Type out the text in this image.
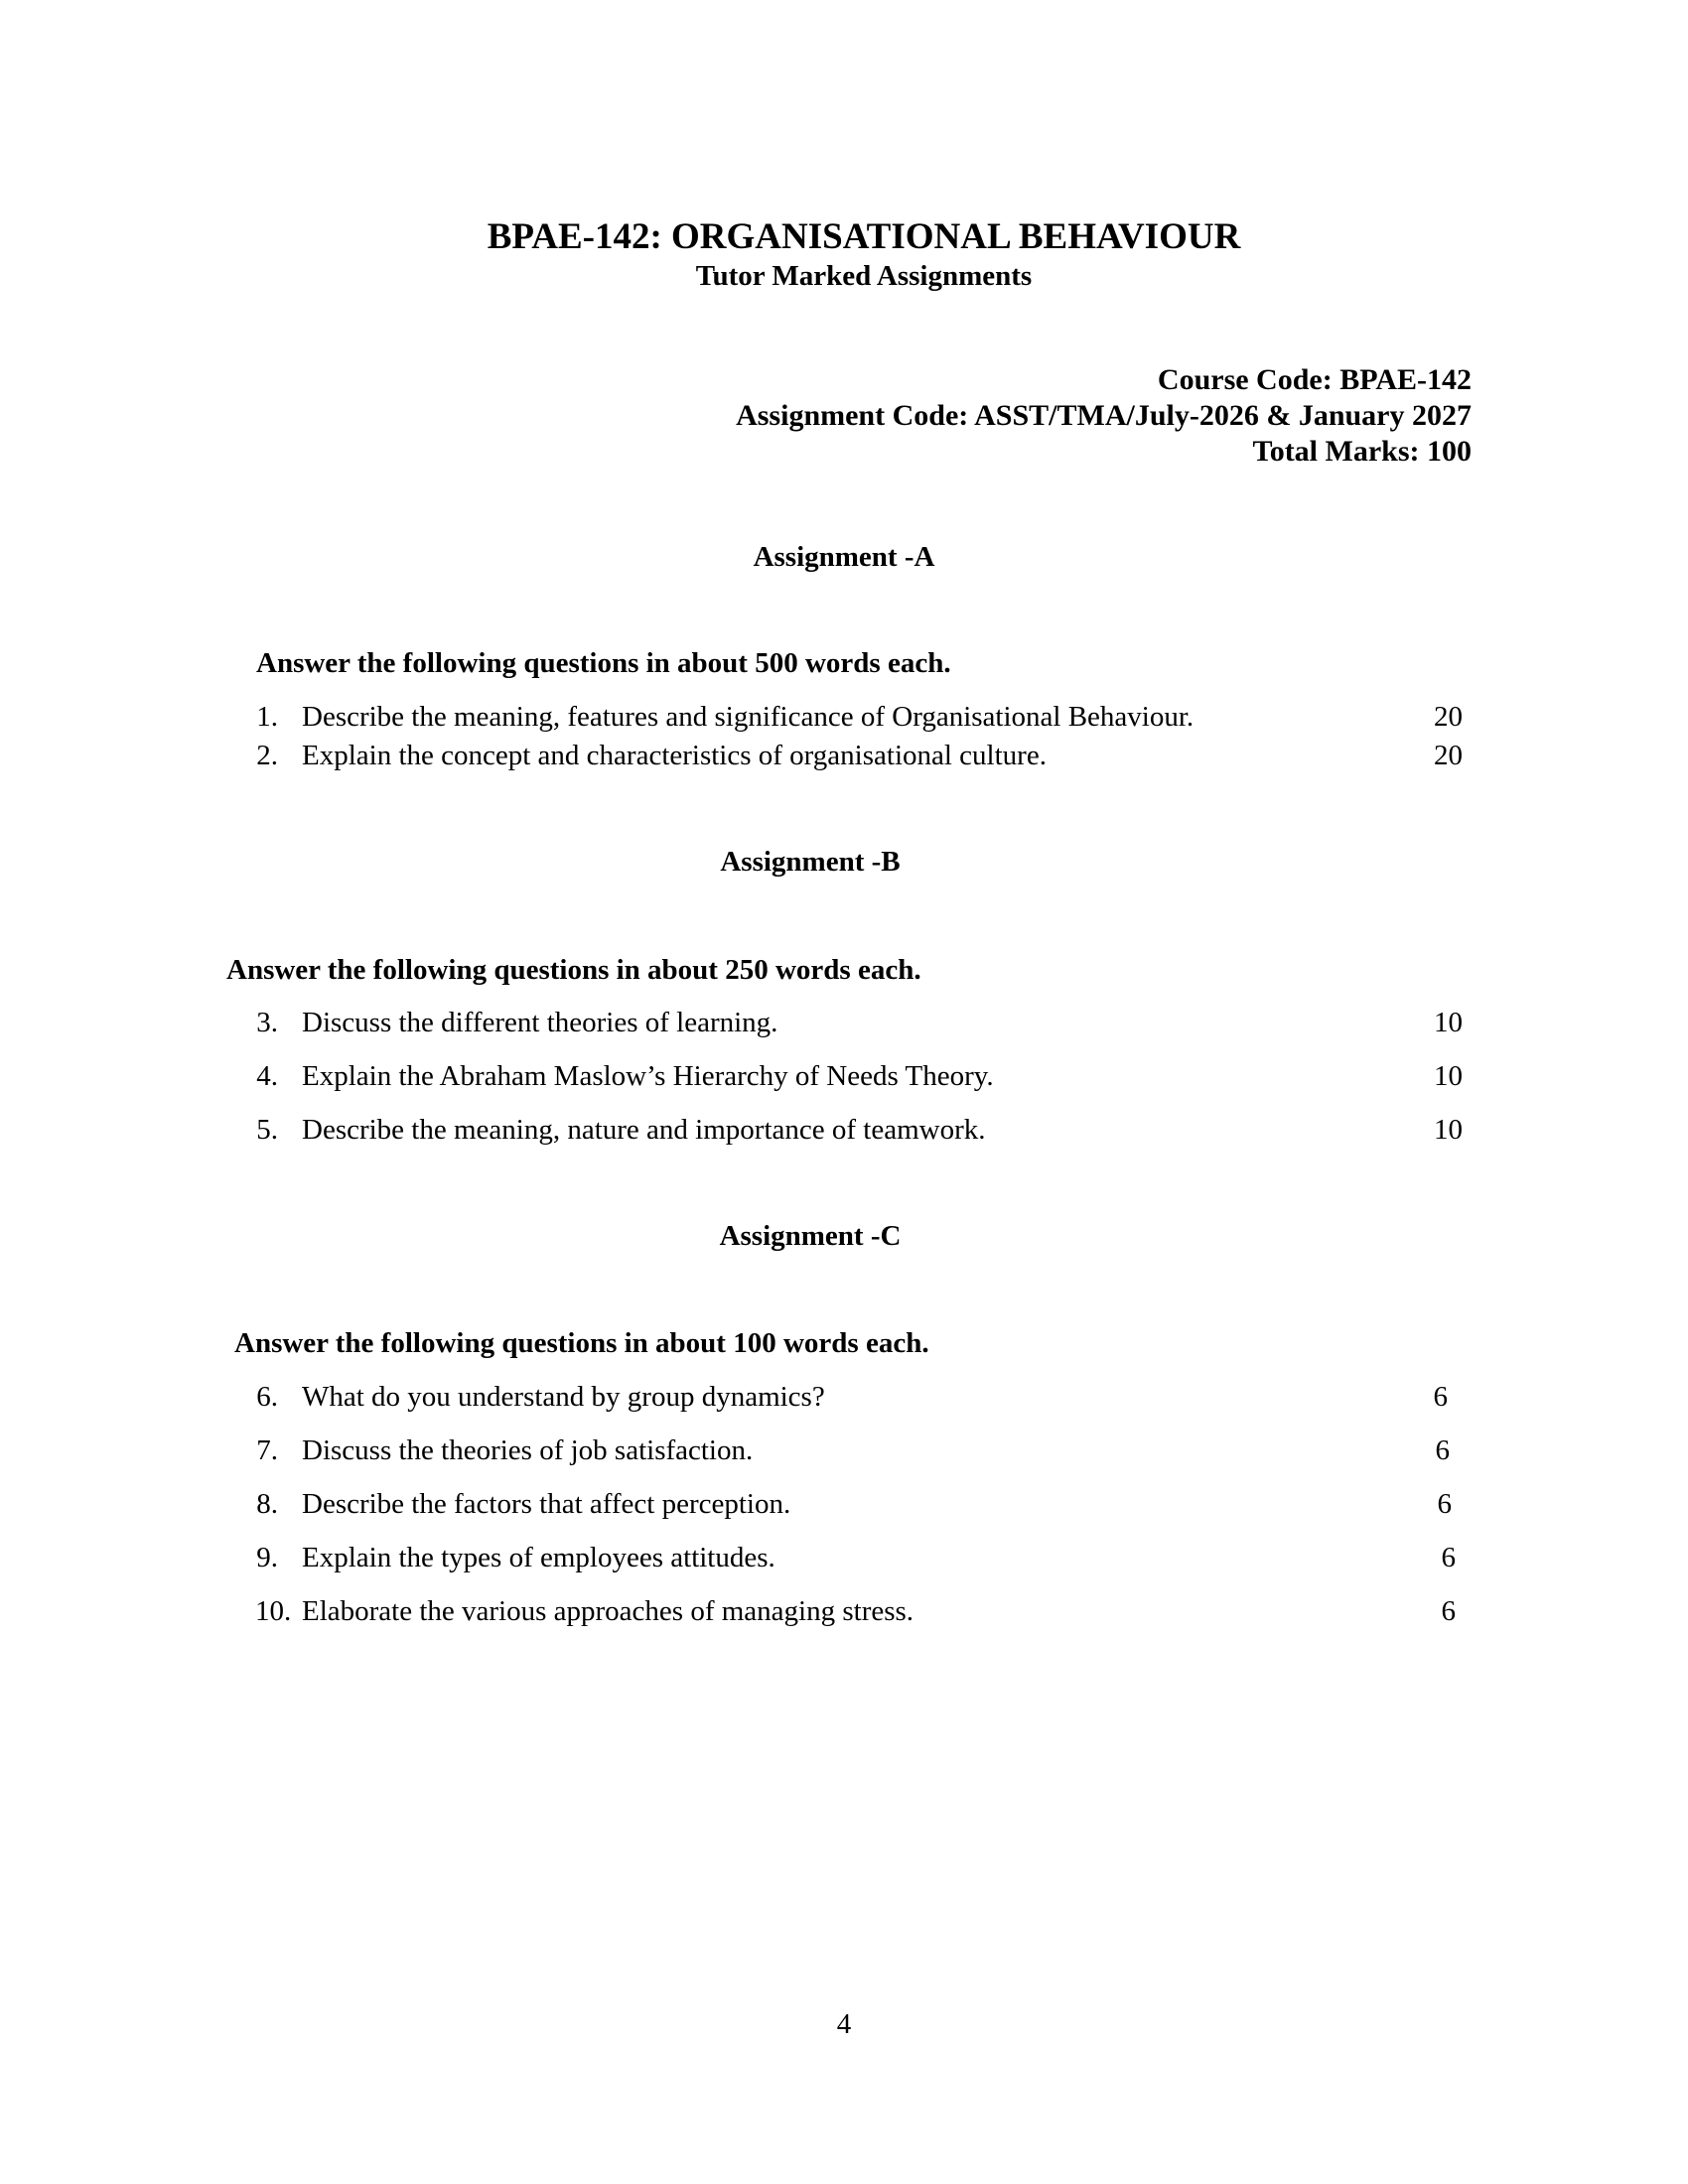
BPAE-142: ORGANISATIONAL BEHAVIOUR
Tutor Marked Assignments
Course Code: BPAE-142
Assignment Code: ASST/TMA/July-2026 & January 2027
Total Marks: 100
Assignment -A
Answer the following questions in about 500 words each.
1. Describe the meaning, features and significance of Organisational Behaviour.	20
2. Explain the concept and characteristics of organisational culture.	20
Assignment -B
Answer the following questions in about 250 words each.
3. Discuss the different theories of learning.	10
4. Explain the Abraham Maslow’s Hierarchy of Needs Theory.	10
5. Describe the meaning, nature and importance of teamwork.	10
Assignment -C
Answer the following questions in about 100 words each.
6. What do you understand by group dynamics?	6
7. Discuss the theories of job satisfaction.	6
8. Describe the factors that affect perception.	6
9. Explain the types of employees attitudes.	6
10. Elaborate the various approaches of managing stress.	6
4
